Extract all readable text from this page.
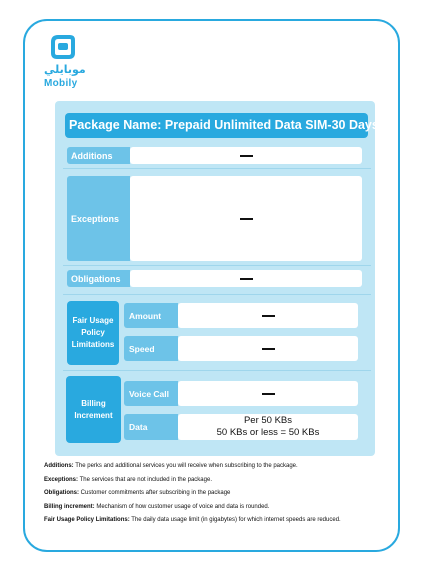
موبايلي
Mobily
Package Name: Prepaid Unlimited Data SIM-30 Days
Additions
Exceptions
Obligations
Fair Usage Policy Limitations
Amount
Speed
Billing Increment
Voice Call
Data
Per 50 KBs
50 KBs or less = 50 KBs

Additions: The perks and additional services you will receive when subscribing to the package.

Exceptions: The services that are not included in the package.

Obligations: Customer commitments after subscribing in the package

Billing increment: Mechanism of how customer usage of voice and data is rounded.

Fair Usage Policy Limitations: The daily data usage limit (in gigabytes) for which internet speeds are reduced.
